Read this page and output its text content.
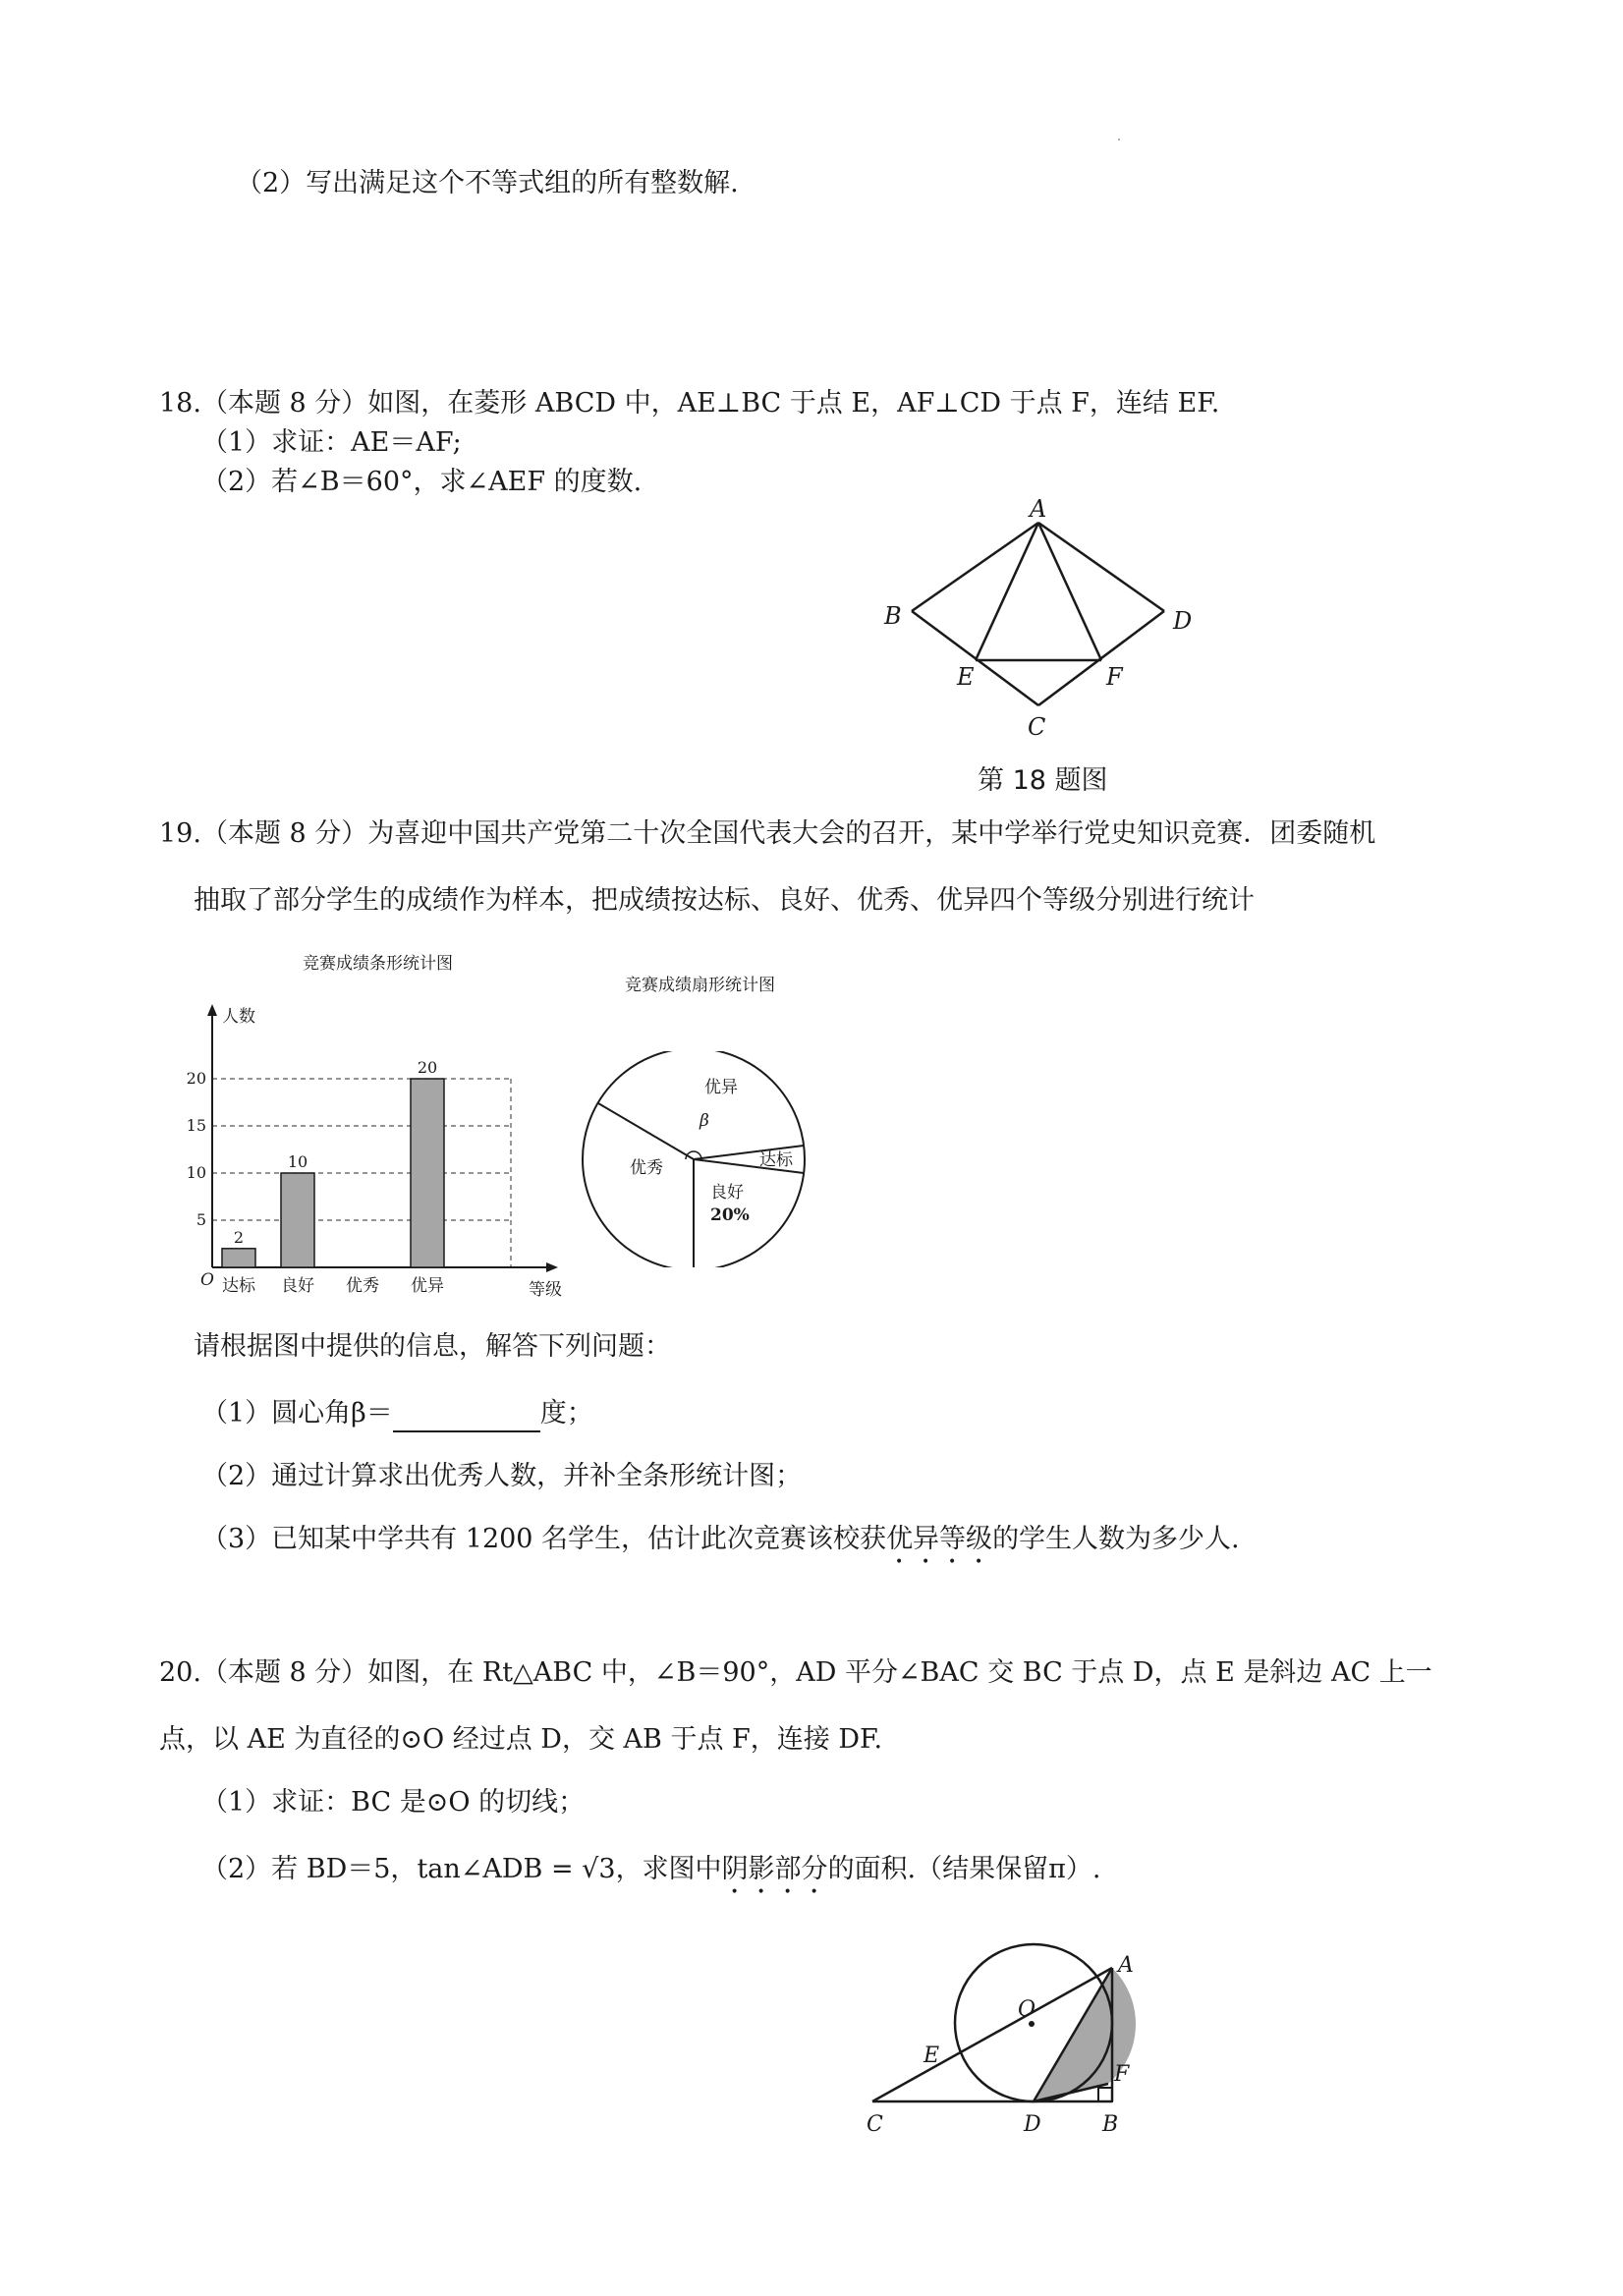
（2）写出满足这个不等式组的所有整数解.
18.（本题 8 分）如图，在菱形 ABCD 中，AE⊥BC 于点 E，AF⊥CD 于点 F，连结 EF.
（1）求证：AE＝AF;
（2）若∠B＝60°，求∠AEF 的度数.
A
B	D
E	F
C
第 18 题图
19.（本题 8 分）为喜迎中国共产党第二十次全国代表大会的召开，某中学举行党史知识竞赛．团委随机
抽取了部分学生的成绩作为样本，把成绩按达标、良好、优秀、优异四个等级分别进行统计
竞赛成绩条形统计图
竞赛成绩扇形统计图
5
10
15
20
人数
等级
O
2
达标
10
良好 优秀
20
优异
优异
β
达标
良好
20%
优秀
请根据图中提供的信息，解答下列问题：
（1）圆心角β＝	度；
（2）通过计算求出优秀人数，并补全条形统计图；
（3）已知某中学共有 1200 名学生，估计此次竞赛该校获优异等级的学生人数为多少人.
20.（本题 8 分）如图，在 Rt△ABC 中，∠B＝90°，AD 平分∠BAC 交 BC 于点 D，点 E 是斜边 AC 上一
点，以 AE 为直径的⊙O 经过点 D，交 AB 于点 F，连接 DF.
（1）求证：BC 是⊙O 的切线；
（2）若 BD＝5，tan∠ADB = √3，求图中阴影部分的面积.（结果保留π）.
A
O
E
F
C	D	B
